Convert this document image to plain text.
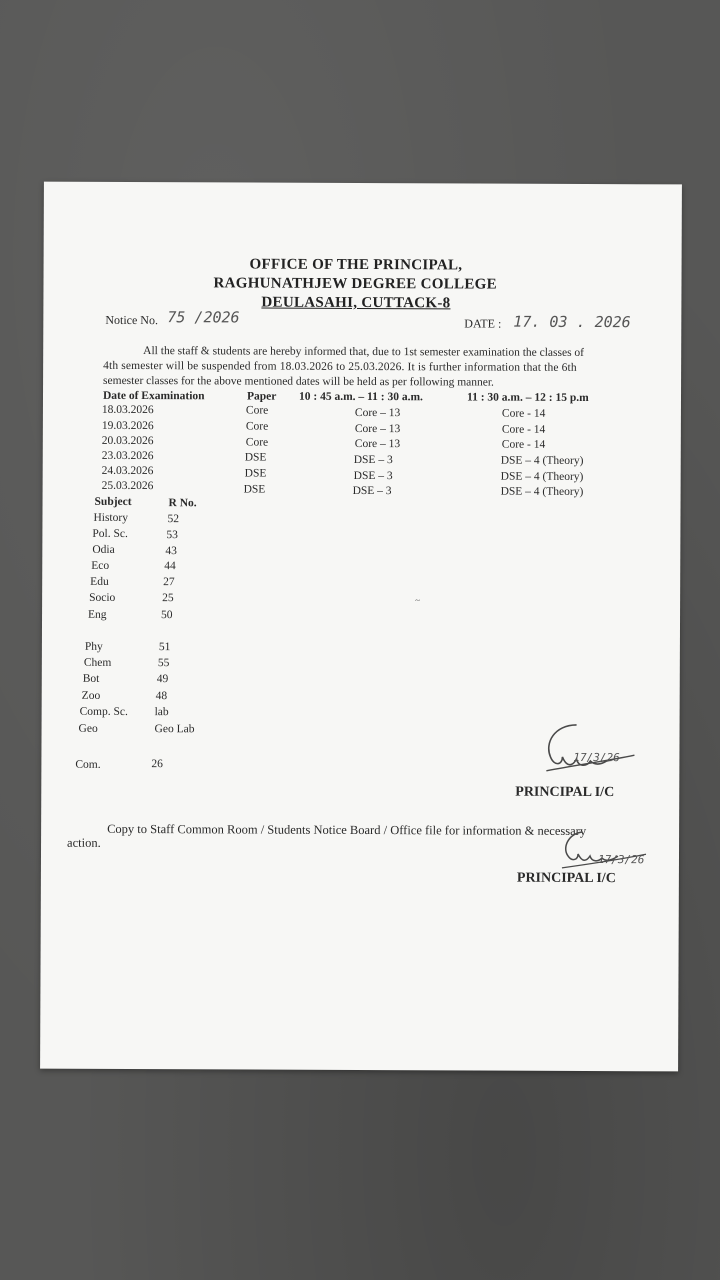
OFFICE OF THE PRINCIPAL,
RAGHUNATHJEW DEGREE COLLEGE
DEULASAHI, CUTTACK-8
Notice No. 75 /2026	DATE : 17. 03 . 2026
All the staff & students are hereby informed that, due to 1st semester examination the classes of
4th semester will be suspended from 18.03.2026 to 25.03.2026. It is further information that the 6th
semester classes for the above mentioned dates will be held as per following manner.
Date of Examination	Paper 10 : 45 a.m. – 11 : 30 a.m.	11 : 30 a.m. – 12 : 15 p.m
18.03.2026	Core	Core – 13	Core - 14
19.03.2026	Core	Core – 13	Core - 14
20.03.2026	Core	Core – 13	Core - 14
23.03.2026	DSE	DSE – 3	DSE – 4 (Theory)
24.03.2026	DSE	DSE – 3	DSE – 4 (Theory)
25.03.2026	DSE	DSE – 3	DSE – 4 (Theory)
Subject	R No.
History	52
Pol. Sc.	53
Odia	43
Eco	44
Edu	27
Socio	25
Eng	50
Phy	51
Chem	55
Bot	49
Zoo	48
Comp. Sc. lab
Geo	Geo Lab
Com.	26
~
17/3/26
PRINCIPAL I/C
Copy to Staff Common Room / Students Notice Board / Office file for information & necessary
action.
17/3/26
PRINCIPAL I/C
